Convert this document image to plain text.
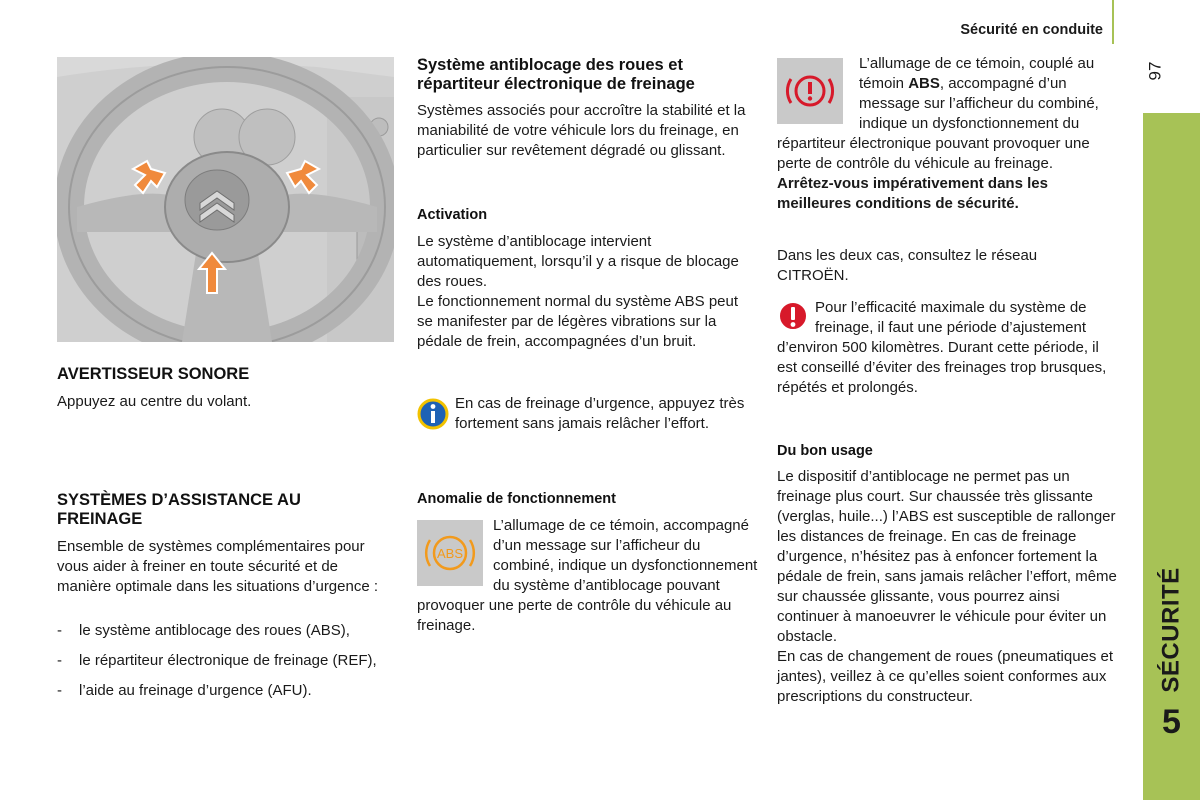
Sécurité en conduite
97
SÉCURITÉ
5
AVERTISSEUR SONORE

Appuyez au centre du volant.

SYSTÈMES D’ASSISTANCE AU
FREINAGE

Ensemble de systèmes complémentaires pour vous aider à freiner en toute sécurité et de manière optimale dans les situations d’urgence :

- le système antiblocage des roues (ABS),
- le répartiteur électronique de freinage (REF),
- l’aide au freinage d’urgence (AFU).
Système antiblocage des roues et
répartiteur électronique de freinage

Systèmes associés pour accroître la stabilité et la maniabilité de votre véhicule lors du freinage, en particulier sur revêtement dégradé ou glissant.

Activation

Le système d’antiblocage intervient automatiquement, lorsqu’il y a risque de blocage des roues.
Le fonctionnement normal du système ABS peut se manifester par de légères vibrations sur la pédale de frein, accompagnées d’un bruit.

En cas de freinage d’urgence, appuyez très fortement sans jamais relâcher l’effort.

Anomalie de fonctionnement
ABS

L’allumage de ce témoin, accompagné d’un message sur l’afficheur du combiné, indique un dysfonctionnement du système d’antiblocage pouvant provoquer une perte de contrôle du véhicule au freinage.

L’allumage de ce témoin, couplé au témoin ABS, accompagné d’un message sur l’afficheur du combiné, indique un dysfonctionnement du répartiteur électronique pouvant provoquer une perte de contrôle du véhicule au freinage.

Arrêtez-vous impérativement dans les meilleures conditions de sécurité.

Dans les deux cas, consultez le réseau CITROËN.

Pour l’efficacité maximale du système de freinage, il faut une période d’ajustement d’environ 500 kilomètres. Durant cette période, il est conseillé d’éviter des freinages trop brusques, répétés et prolongés.

Du bon usage

Le dispositif d’antiblocage ne permet pas un freinage plus court. Sur chaussée très glissante (verglas, huile...) l’ABS est susceptible de rallonger les distances de freinage. En cas de freinage d’urgence, n’hésitez pas à enfoncer fortement la pédale de frein, sans jamais relâcher l’effort, même sur chaussée glissante, vous pourrez ainsi continuer à manoeuvrer le véhicule pour éviter un obstacle.
En cas de changement de roues (pneumatiques et jantes), veillez à ce qu’elles soient conformes aux prescriptions du constructeur.
